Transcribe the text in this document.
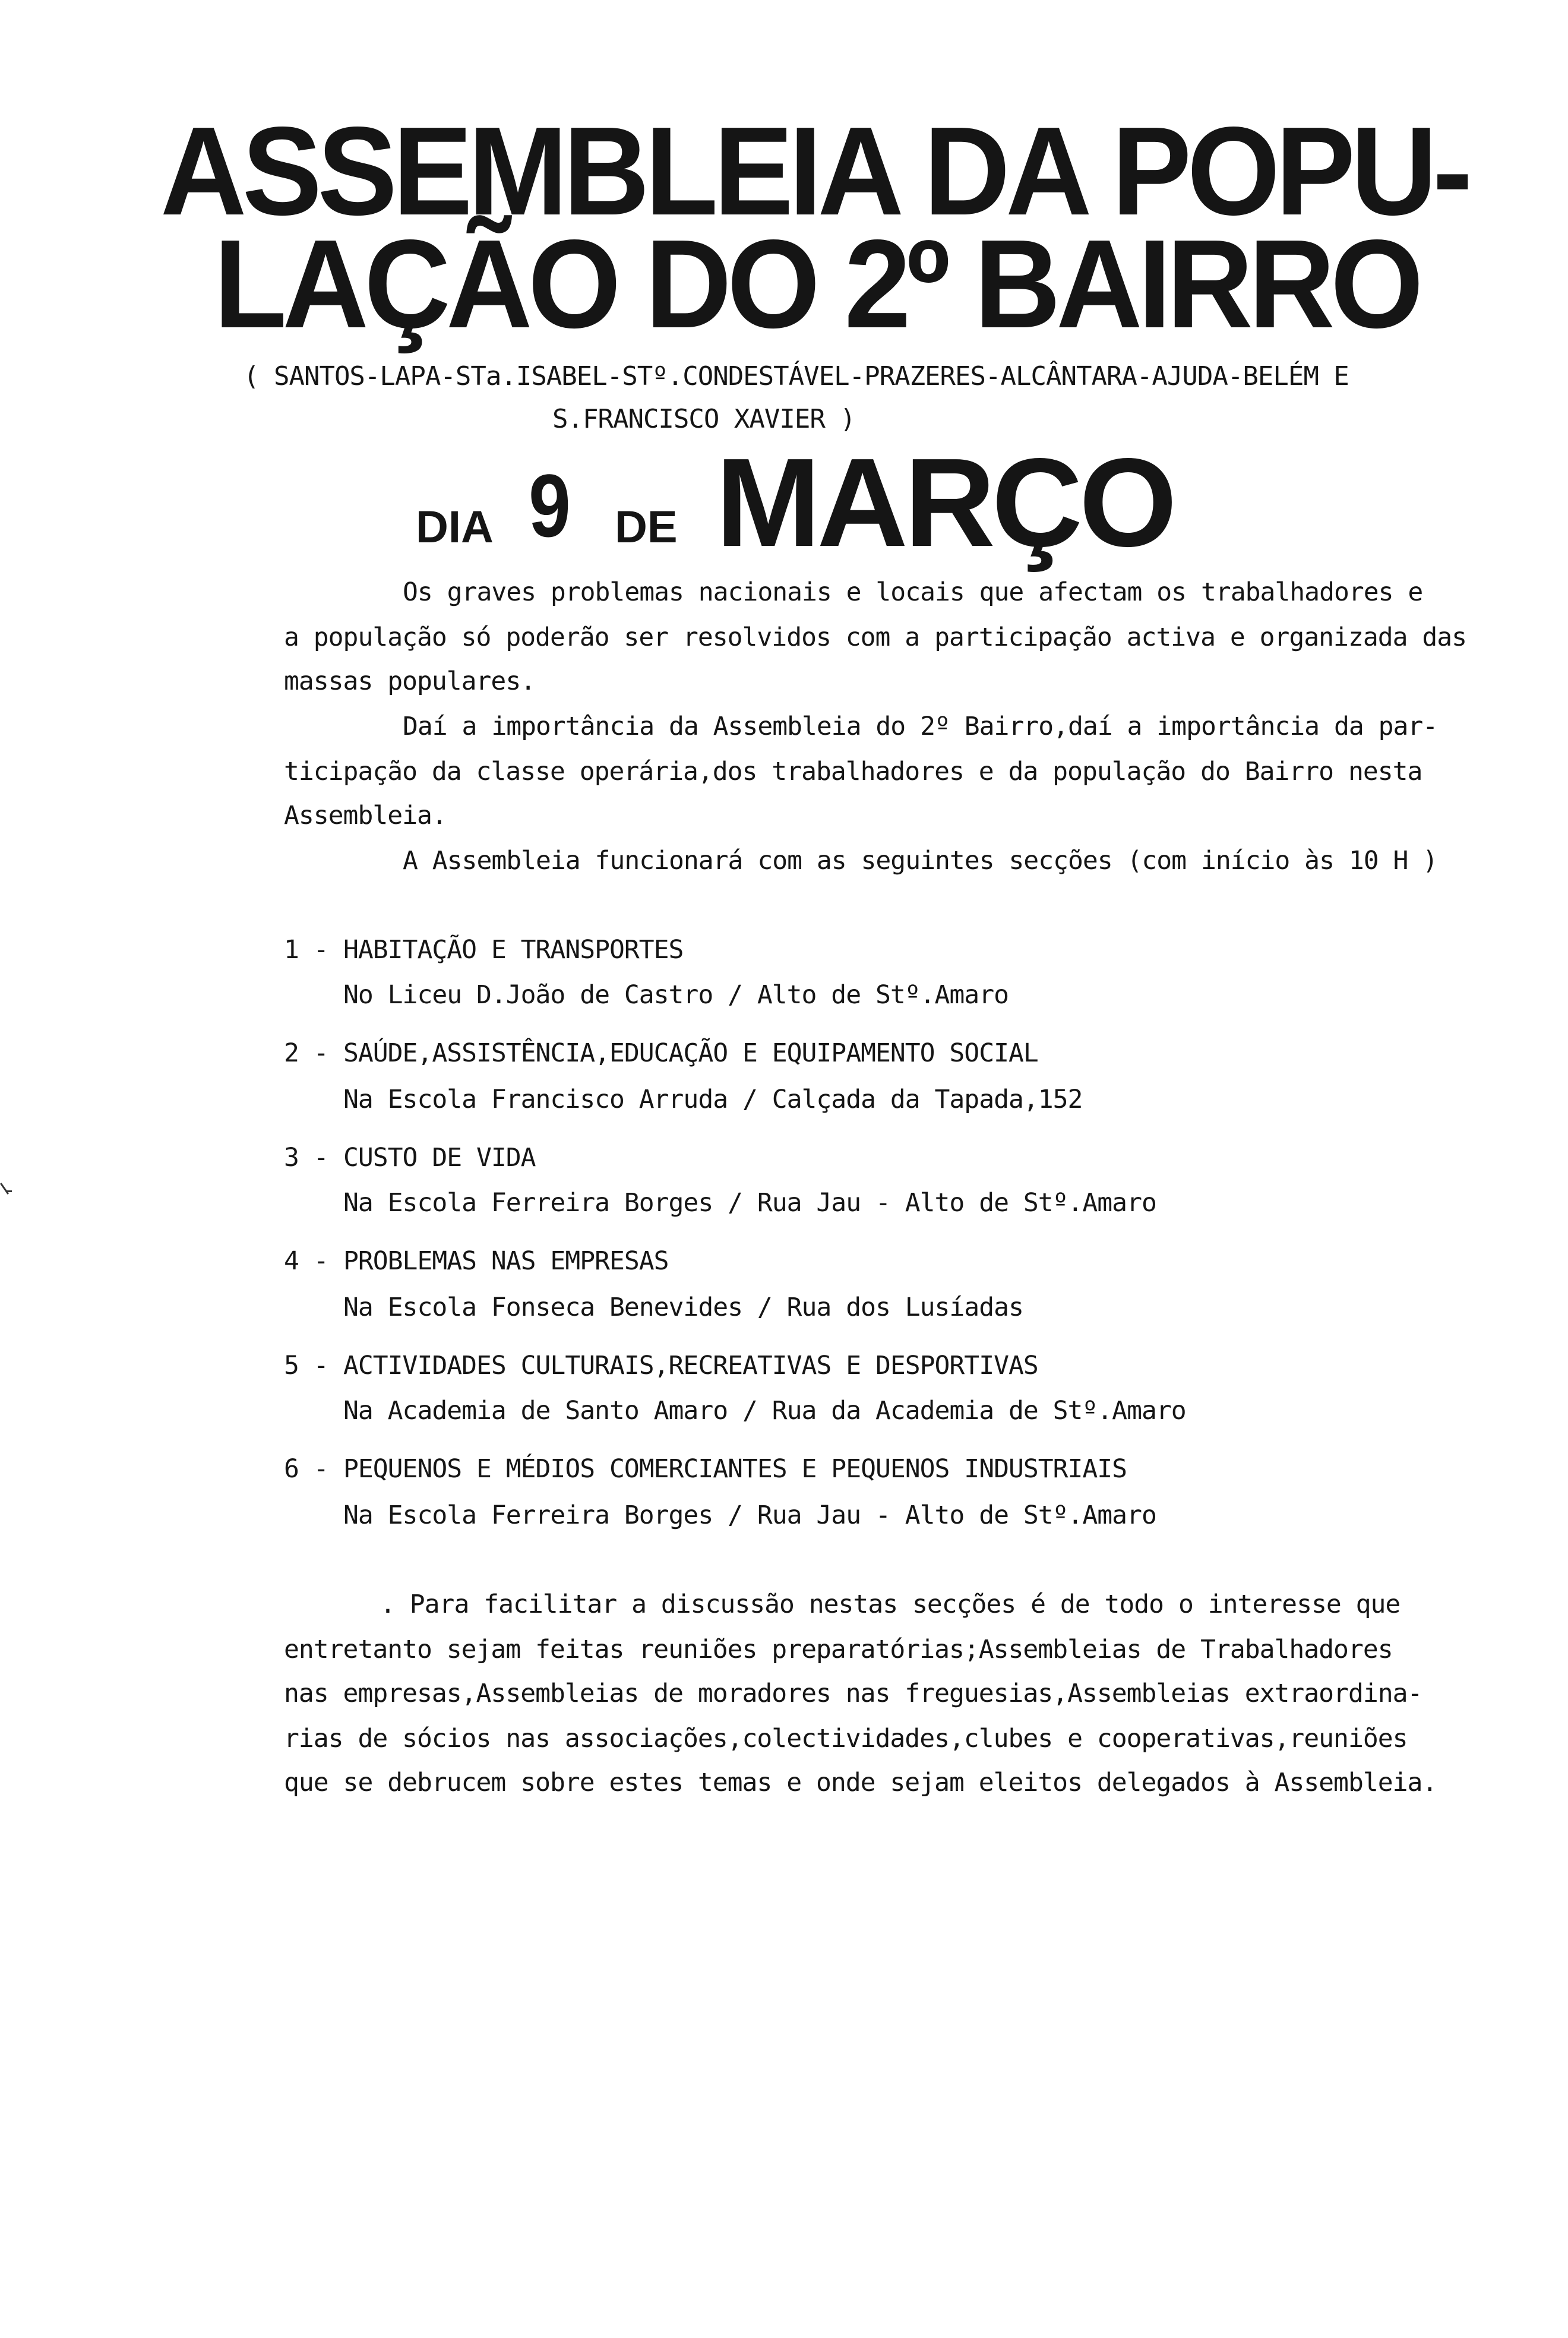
ASSEMBLEIA DA POPU-
LAÇÃO DO 2º BAIRRO

( SANTOS-LAPA-STa.ISABEL-STº.CONDESTÁVEL-PRAZERES-ALCÂNTARA-AJUDA-BELÉM E

S.FRANCISCO XAVIER )

DIA 9 DE MARÇO

Os graves problemas nacionais e locais que afectam os trabalhadores e

a população só poderão ser resolvidos com a participação activa e organizada das

massas populares.

Daí a importância da Assembleia do 2º Bairro,daí a importância da par-

ticipação da classe operária,dos trabalhadores e da população do Bairro nesta

Assembleia.

A Assembleia funcionará com as seguintes secções (com início às 10 H )

1 - HABITAÇÃO E TRANSPORTES
No Liceu D.João de Castro / Alto de Stº.Amaro
2 - SAÚDE,ASSISTÊNCIA,EDUCAÇÃO E EQUIPAMENTO SOCIAL
Na Escola Francisco Arruda / Calçada da Tapada,152
3 - CUSTO DE VIDA
Na Escola Ferreira Borges / Rua Jau - Alto de Stº.Amaro
4 - PROBLEMAS NAS EMPRESAS
Na Escola Fonseca Benevides / Rua dos Lusíadas
5 - ACTIVIDADES CULTURAIS,RECREATIVAS E DESPORTIVAS
Na Academia de Santo Amaro / Rua da Academia de Stº.Amaro
6 - PEQUENOS E MÉDIOS COMERCIANTES E PEQUENOS INDUSTRIAIS
Na Escola Ferreira Borges / Rua Jau - Alto de Stº.Amaro

. Para facilitar a discussão nestas secções é de todo o interesse que

entretanto sejam feitas reuniões preparatórias;Assembleias de Trabalhadores

nas empresas,Assembleias de moradores nas freguesias,Assembleias extraordina-

rias de sócios nas associações,colectividades,clubes e cooperativas,reuniões

que se debrucem sobre estes temas e onde sejam eleitos delegados à Assembleia.
